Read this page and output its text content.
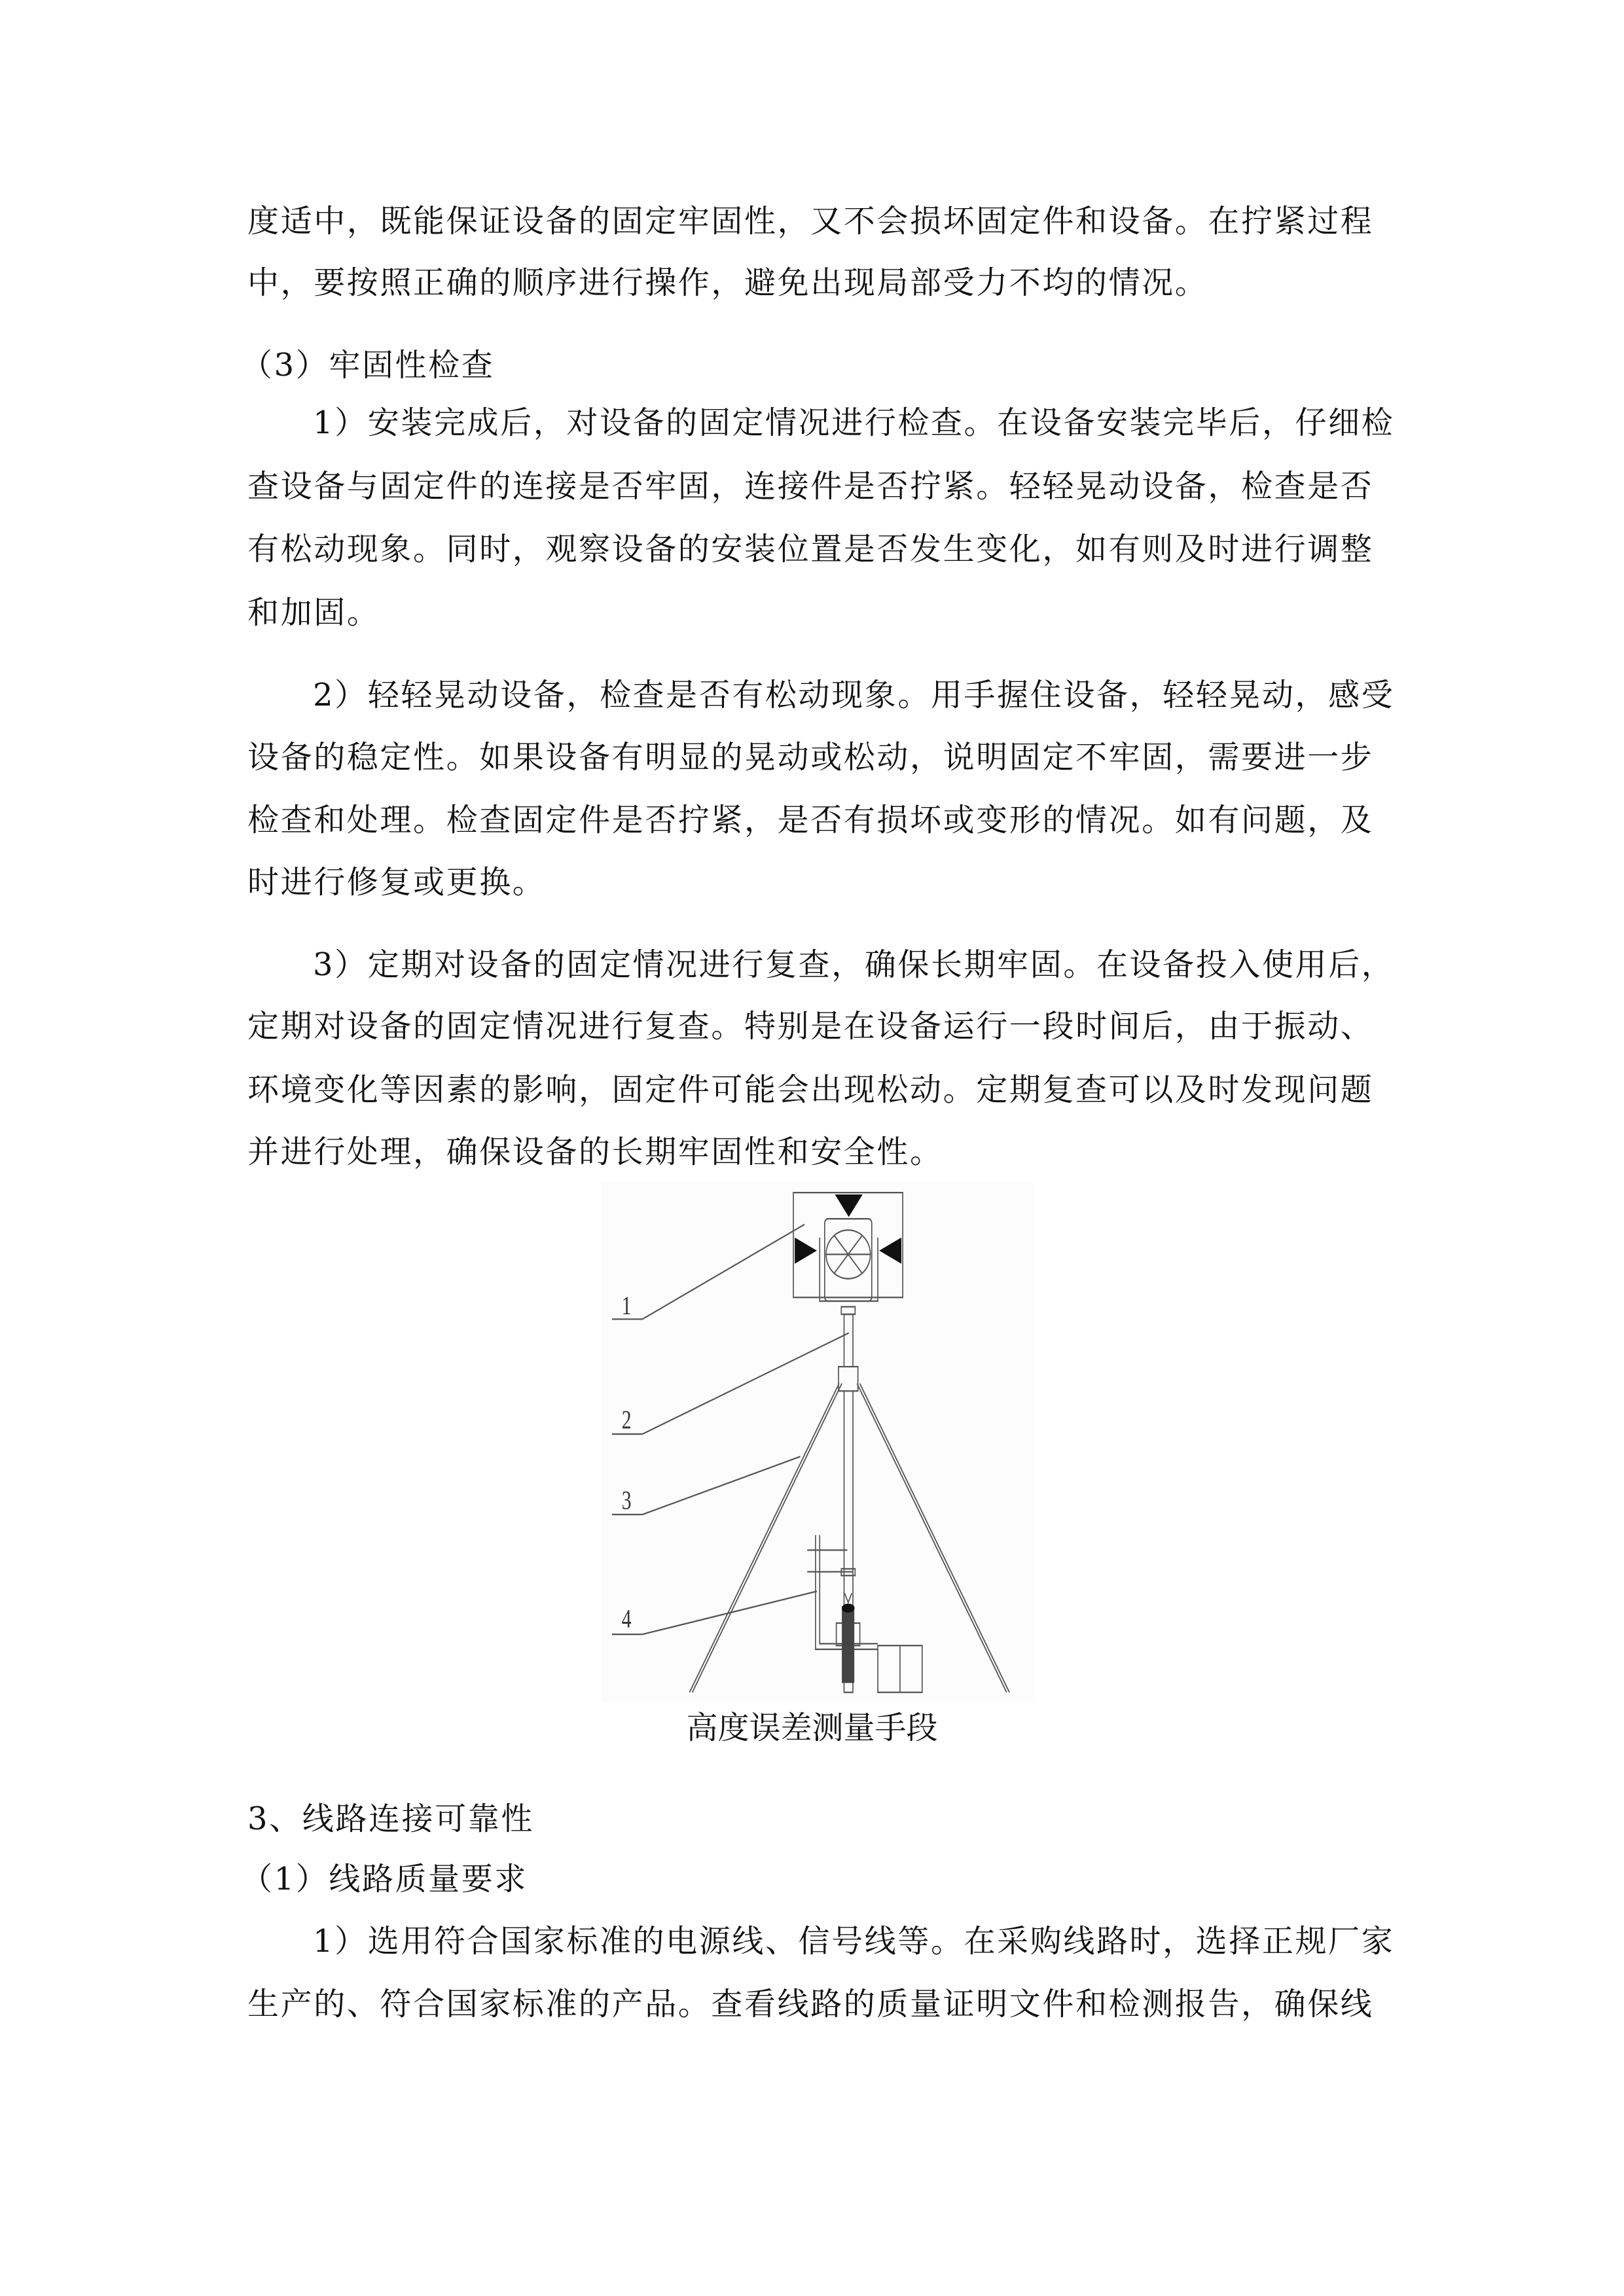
度适中，既能保证设备的固定牢固性，又不会损坏固定件和设备。在拧紧过程
中，要按照正确的顺序进行操作，避免出现局部受力不均的情况。
（3）牢固性检查
1）安装完成后，对设备的固定情况进行检查。在设备安装完毕后，仔细检
查设备与固定件的连接是否牢固，连接件是否拧紧。轻轻晃动设备，检查是否
有松动现象。同时，观察设备的安装位置是否发生变化，如有则及时进行调整
和加固。
2）轻轻晃动设备，检查是否有松动现象。用手握住设备，轻轻晃动，感受
设备的稳定性。如果设备有明显的晃动或松动，说明固定不牢固，需要进一步
检查和处理。检查固定件是否拧紧，是否有损坏或变形的情况。如有问题，及
时进行修复或更换。
3）定期对设备的固定情况进行复查，确保长期牢固。在设备投入使用后，
定期对设备的固定情况进行复查。特别是在设备运行一段时间后，由于振动、
环境变化等因素的影响，固定件可能会出现松动。定期复查可以及时发现问题
并进行处理，确保设备的长期牢固性和安全性。
1
2
3
4
高度误差测量手段
3、线路连接可靠性
（1）线路质量要求
1）选用符合国家标准的电源线、信号线等。在采购线路时，选择正规厂家
生产的、符合国家标准的产品。查看线路的质量证明文件和检测报告，确保线
